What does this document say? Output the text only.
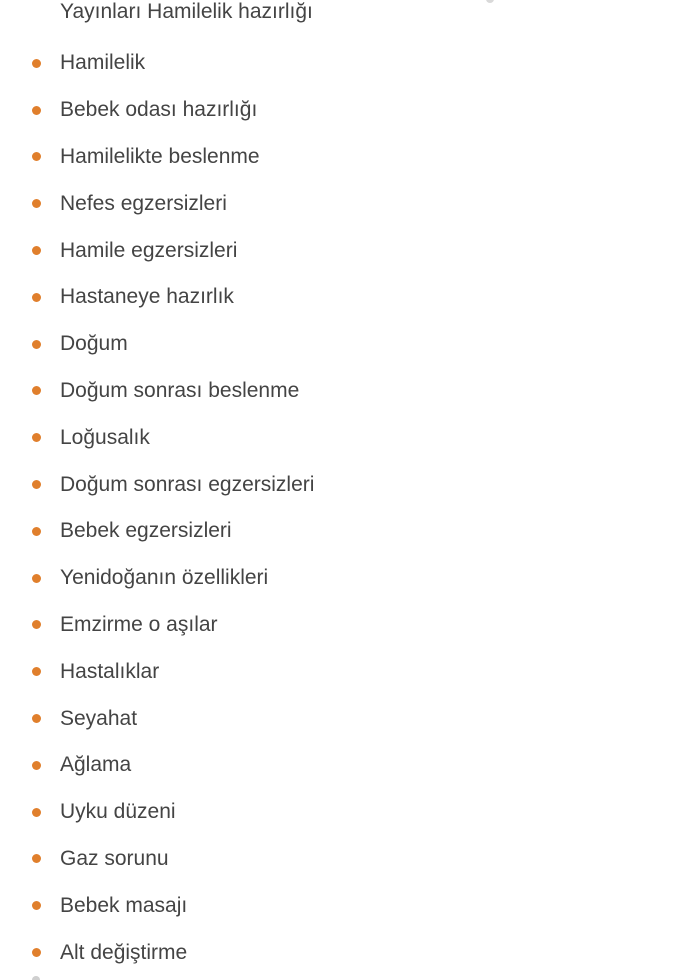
Yayınları Hamilelik hazırlığı
Hamilelik
Bebek odası hazırlığı
Hamilelikte beslenme
Nefes egzersizleri
Hamile egzersizleri
Hastaneye hazırlık
Doğum
Doğum sonrası beslenme
Loğusalık
Doğum sonrası egzersizleri
Bebek egzersizleri
Yenidoğanın özellikleri
Emzirme o aşılar
Hastalıklar
Seyahat
Ağlama
Uyku düzeni
Gaz sorunu
Bebek masajı
Alt değiştirme
